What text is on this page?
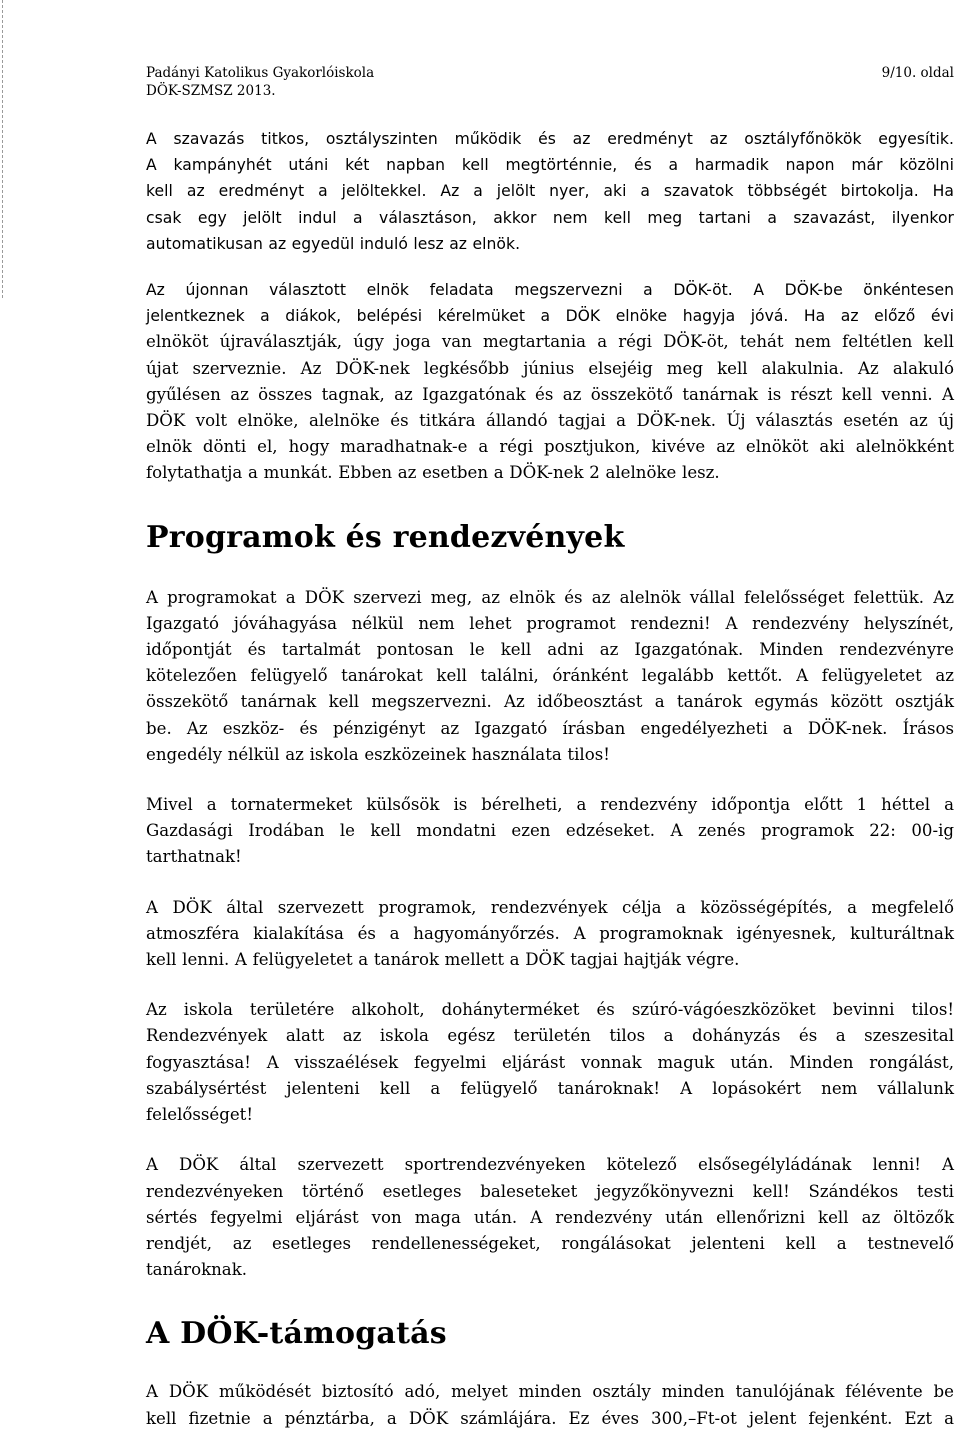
Padányi Katolikus Gyakorlóiskola
DÖK-SZMSZ 2013.
9/10. oldal
A szavazás titkos, osztályszinten működik és az eredményt az osztályfőnökök egyesítik.
A kampányhét utáni két napban kell megtörténnie, és a harmadik napon már közölni
kell az eredményt a jelöltekkel. Az a jelölt nyer, aki a szavatok többségét birtokolja. Ha
csak egy jelölt indul a választáson, akkor nem kell meg tartani a szavazást, ilyenkor
automatikusan az egyedül induló lesz az elnök.
Az újonnan választott elnök feladata megszervezni a DÖK-öt. A DÖK-be önkéntesen
jelentkeznek a diákok, belépési kérelmüket a DÖK elnöke hagyja jóvá. Ha az előző évi
elnököt újraválasztják, úgy joga van megtartania a régi DÖK-öt, tehát nem feltétlen kell
újat szerveznie. Az DÖK-nek legkésőbb június elsejéig meg kell alakulnia. Az alakuló
gyűlésen az összes tagnak, az Igazgatónak és az összekötő tanárnak is részt kell venni. A
DÖK volt elnöke, alelnöke és titkára állandó tagjai a DÖK-nek. Új választás esetén az új
elnök dönti el, hogy maradhatnak-e a régi posztjukon, kivéve az elnököt aki alelnökként
folytathatja a munkát. Ebben az esetben a DÖK-nek 2 alelnöke lesz.
Programok és rendezvények
A programokat a DÖK szervezi meg, az elnök és az alelnök vállal felelősséget felettük. Az
Igazgató jóváhagyása nélkül nem lehet programot rendezni! A rendezvény helyszínét,
időpontját és tartalmát pontosan le kell adni az Igazgatónak. Minden rendezvényre
kötelezően felügyelő tanárokat kell találni, óránként legalább kettőt. A felügyeletet az
összekötő tanárnak kell megszervezni. Az időbeosztást a tanárok egymás között osztják
be. Az eszköz- és pénzigényt az Igazgató írásban engedélyezheti a DÖK-nek. Írásos
engedély nélkül az iskola eszközeinek használata tilos!
Mivel a tornatermeket külsősök is bérelheti, a rendezvény időpontja előtt 1 héttel a
Gazdasági Irodában le kell mondatni ezen edzéseket. A zenés programok 22: 00-ig
tarthatnak!
A DÖK által szervezett programok, rendezvények célja a közösségépítés, a megfelelő
atmoszféra kialakítása és a hagyományőrzés. A programoknak igényesnek, kulturáltnak
kell lenni. A felügyeletet a tanárok mellett a DÖK tagjai hajtják végre.
Az iskola területére alkoholt, dohányterméket és szúró-vágóeszközöket bevinni tilos!
Rendezvények alatt az iskola egész területén tilos a dohányzás és a szeszesital
fogyasztása! A visszaélések fegyelmi eljárást vonnak maguk után. Minden rongálást,
szabálysértést jelenteni kell a felügyelő tanároknak! A lopásokért nem vállalunk
felelősséget!
A DÖK által szervezett sportrendezvényeken kötelező elsősegélyládának lenni! A
rendezvényeken történő esetleges baleseteket jegyzőkönyvezni kell! Szándékos testi
sértés fegyelmi eljárást von maga után. A rendezvény után ellenőrizni kell az öltözők
rendjét, az esetleges rendellenességeket, rongálásokat jelenteni kell a testnevelő
tanároknak.
A DÖK-támogatás
A DÖK működését biztosító adó, melyet minden osztály minden tanulójának félévente be
kell fizetnie a pénztárba, a DÖK számlájára. Ez éves 300,–Ft-ot jelent fejenként. Ezt a
